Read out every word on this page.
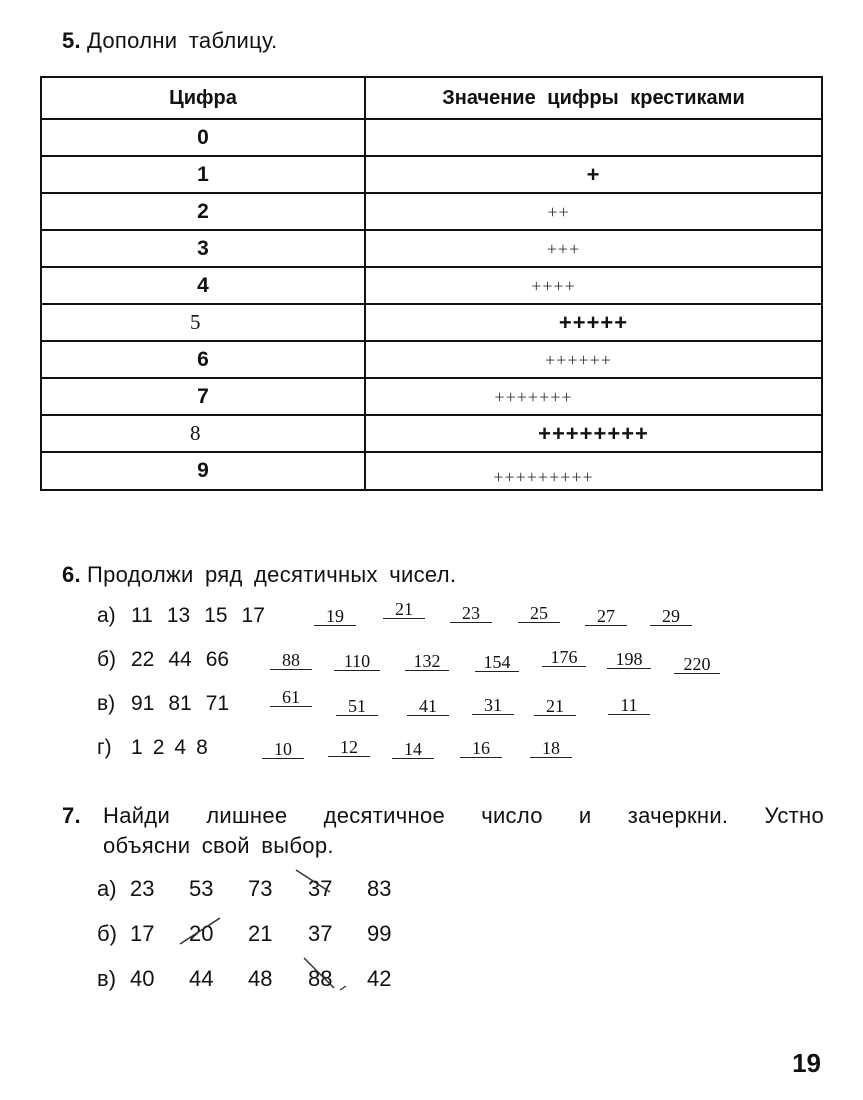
5. Дополни таблицу.
Цифра	Значение цифры крестиками
0	
1	+
2	++
3	+++
4	++++
5	+++++
6	++++++
7	+++++++
8	++++++++
9	+++++++++
6. Продолжи ряд десятичных чисел.
а) 11 13 15 17	19	21	23	25	27	29
б) 22 44 66	88	110	132	154	176	198	220
в) 91 81 71	61	51	41	31	21	11
г) 1 2 4 8	10	12	14	16	18
7.	Найди лишнее десятичное число и зачеркни. Устно
объясни свой выбор.
а) 23 53 73 37 83
б) 17 20 21 37 99
в) 40 44 48 88 42
19
